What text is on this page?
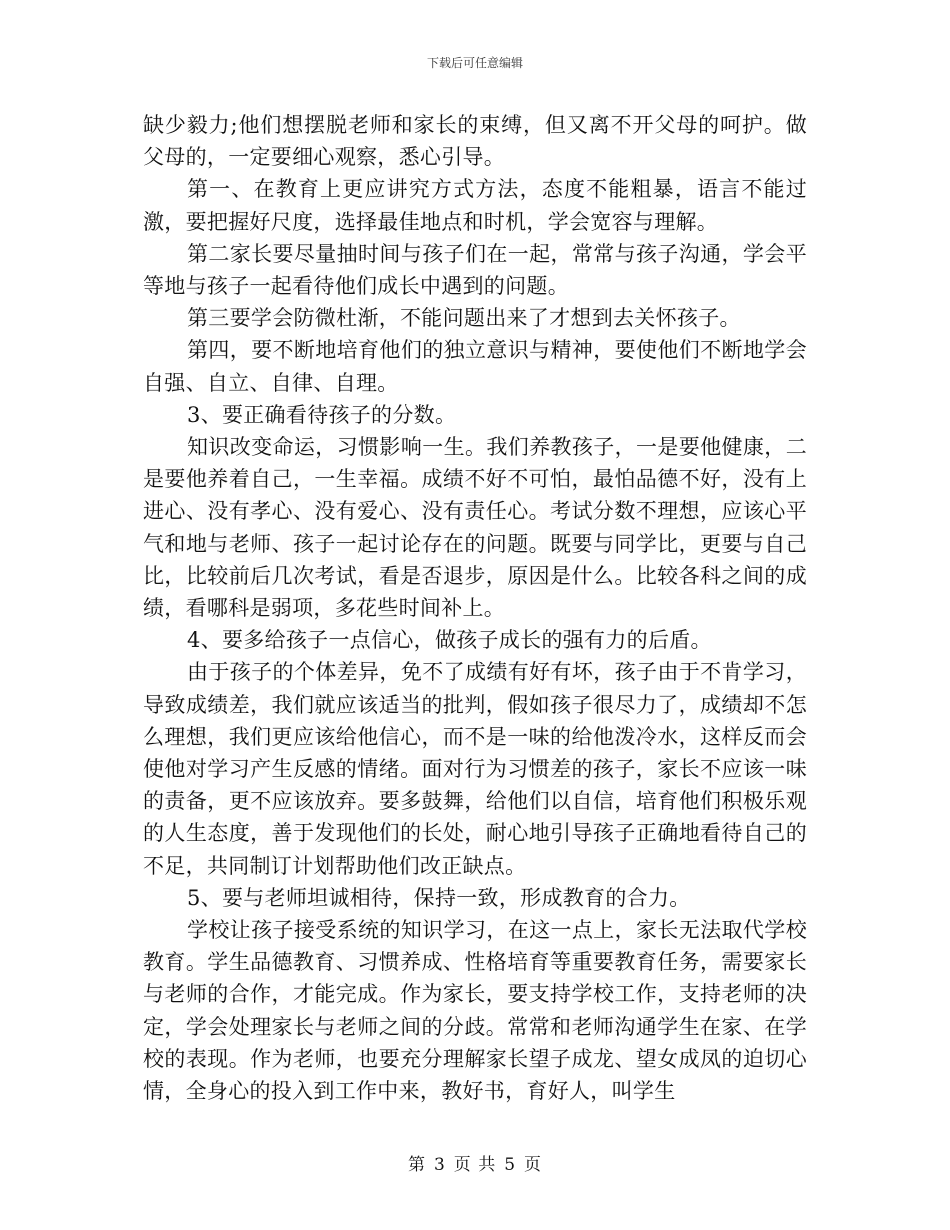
下载后可任意编辑

缺少毅力;他们想摆脱老师和家长的束缚，但又离不开父母的呵护。做父母的，一定要细心观察，悉心引导。

第一、在教育上更应讲究方式方法，态度不能粗暴，语言不能过激，要把握好尺度，选择最佳地点和时机，学会宽容与理解。

第二家长要尽量抽时间与孩子们在一起，常常与孩子沟通，学会平等地与孩子一起看待他们成长中遇到的问题。

第三要学会防微杜渐，不能问题出来了才想到去关怀孩子。

第四，要不断地培育他们的独立意识与精神，要使他们不断地学会自强、自立、自律、自理。

3、要正确看待孩子的分数。

知识改变命运，习惯影响一生。我们养教孩子，一是要他健康，二是要他养着自己，一生幸福。成绩不好不可怕，最怕品德不好，没有上进心、没有孝心、没有爱心、没有责任心。考试分数不理想，应该心平气和地与老师、孩子一起讨论存在的问题。既要与同学比，更要与自己比，比较前后几次考试，看是否退步，原因是什么。比较各科之间的成绩，看哪科是弱项，多花些时间补上。

4、要多给孩子一点信心，做孩子成长的强有力的后盾。

由于孩子的个体差异，免不了成绩有好有坏，孩子由于不肯学习，导致成绩差，我们就应该适当的批判，假如孩子很尽力了，成绩却不怎么理想，我们更应该给他信心，而不是一味的给他泼冷水，这样反而会使他对学习产生反感的情绪。面对行为习惯差的孩子，家长不应该一味的责备，更不应该放弃。要多鼓舞，给他们以自信，培育他们积极乐观的人生态度，善于发现他们的长处，耐心地引导孩子正确地看待自己的不足，共同制订计划帮助他们改正缺点。

5、要与老师坦诚相待，保持一致，形成教育的合力。

学校让孩子接受系统的知识学习，在这一点上，家长无法取代学校教育。学生品德教育、习惯养成、性格培育等重要教育任务，需要家长与老师的合作，才能完成。作为家长，要支持学校工作，支持老师的决定，学会处理家长与老师之间的分歧。常常和老师沟通学生在家、在学校的表现。作为老师，也要充分理解家长望子成龙、望女成凤的迫切心情，全身心的投入到工作中来，教好书，育好人，叫学生

第 3 页 共 5 页
